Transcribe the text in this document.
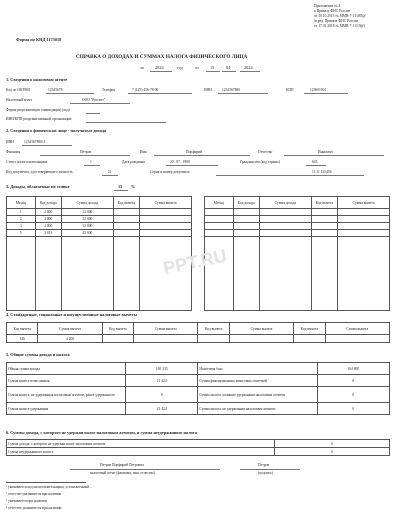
Приложение № 4
к Приказу ФНС России
от 30.10.2015 № ММВ-7-11/485@
(в ред. Приказа ФНС России
от 17.01.2018 № ММВ-7-11/19@)
Форма по КНД 1175018
СПРАВКА О ДОХОДАХ И СУММАХ НАЛОГА ФИЗИЧЕСКОГО ЛИЦА
за	2024	год	от	15	04	2024
1. Сведения о налоговом агенте
Код по ОКТМО	12345678	Телефон	7 (123) 456-78-90	ИНН	1234567890	КПП	123001001
Налоговый агент	ООО "Рассвет"
Форма реорганизации (ликвидации) (код)
ИНН/КПП реорганизованной организации
2. Сведения о физическом лице - получателе дохода
ИНН	123456789011
Фамилия	Петров	Имя	Порфирий	Отчество	Иннокент
Статус налогоплательщика	1	Дата рождения	20 . 07 . 1980	Гражданство (код страны)	643
Код документа, удостоверяющего личность	21	Серия и номер документа	11 11 123456
3. Доходы, облагаемые по ставке	13 %
Месяц	Код дохода	Сумма дохода	Код вычета	Сумма вычета
1	2 000	12 000		
2	2 000	12 000		
3	2 000	12 000		
5	2 013	45 000		

Месяц	Код дохода	Сумма дохода	Код вычета	Сумма вычета

PPT.RU
4. Стандартные, социальные и имущественные налоговые вычеты
Код вычета	Сумма вычета	Код вычета	Сумма вычета	Код вычета	Сумма вычета	Код вычета	Сумма вычета
126	4 200						
5. Общие суммы дохода и налога
Общая сумма дохода	169 333	Налоговая база	164 800
Сумма налога исчисленная	21 424	Сумма фиксированных авансовых платежей	0
Сумма налога, не удержанная налоговым агентом, ранее удержанного	0	Сумма налога, излишне удержанная налоговым агентом	0
Сумма налога удержанная	21 424	Сумма налога, не удержанная налоговым агентом	0
6. Суммы дохода, с которого не удержан налог налоговым агентом, и сумма неудержанного налога
Сумма дохода, с которого не удержан налог налоговым агентом	0
Сумма неудержанного налога	0
Петров Порфирий Петрович
налоговый агент (фамилия, имя, отчество)
Петров
(подпись)
¹ указывается код налогоплательщика, установленный...
² отчество указывается при наличии
³ указывается при наличии
⁴ отчество указывается при наличии
